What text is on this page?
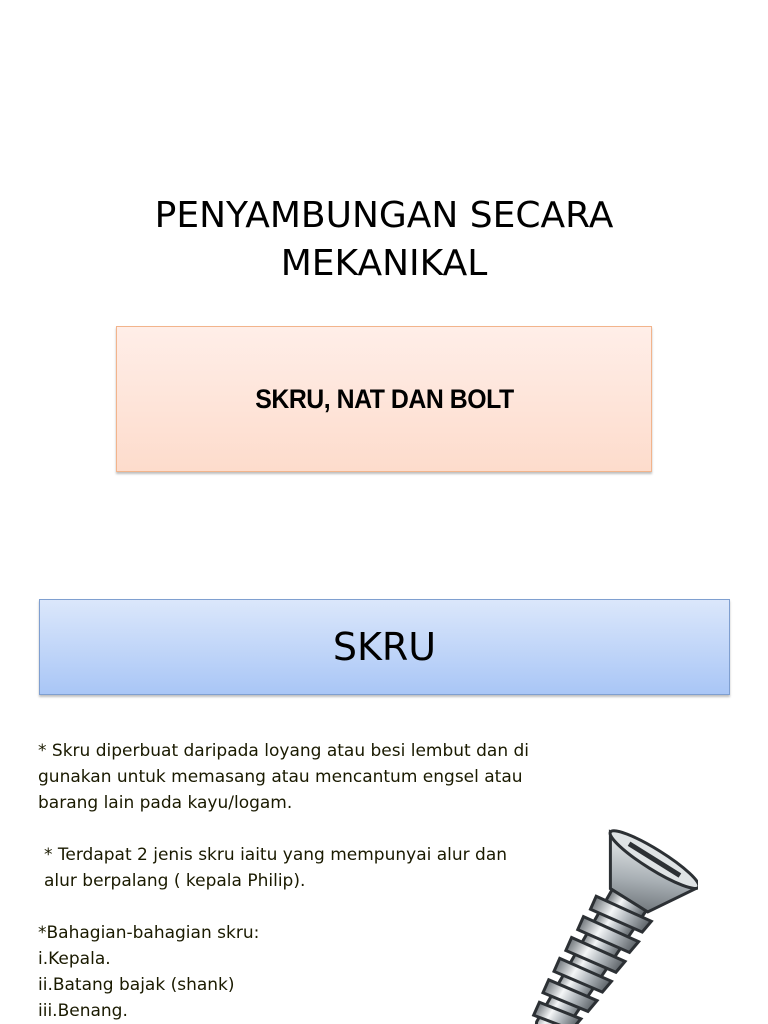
PENYAMBUNGAN SECARA
MEKANIKAL
SKRU, NAT DAN BOLT
SKRU

* Skru diperbuat daripada loyang atau besi lembut dan di

gunakan untuk memasang atau mencantum engsel atau

barang lain pada kayu/logam.

* Terdapat 2 jenis skru iaitu yang mempunyai alur dan

alur berpalang ( kepala Philip).

*Bahagian-bahagian skru:

i.Kepala.

ii.Batang bajak (shank)

iii.Benang.
